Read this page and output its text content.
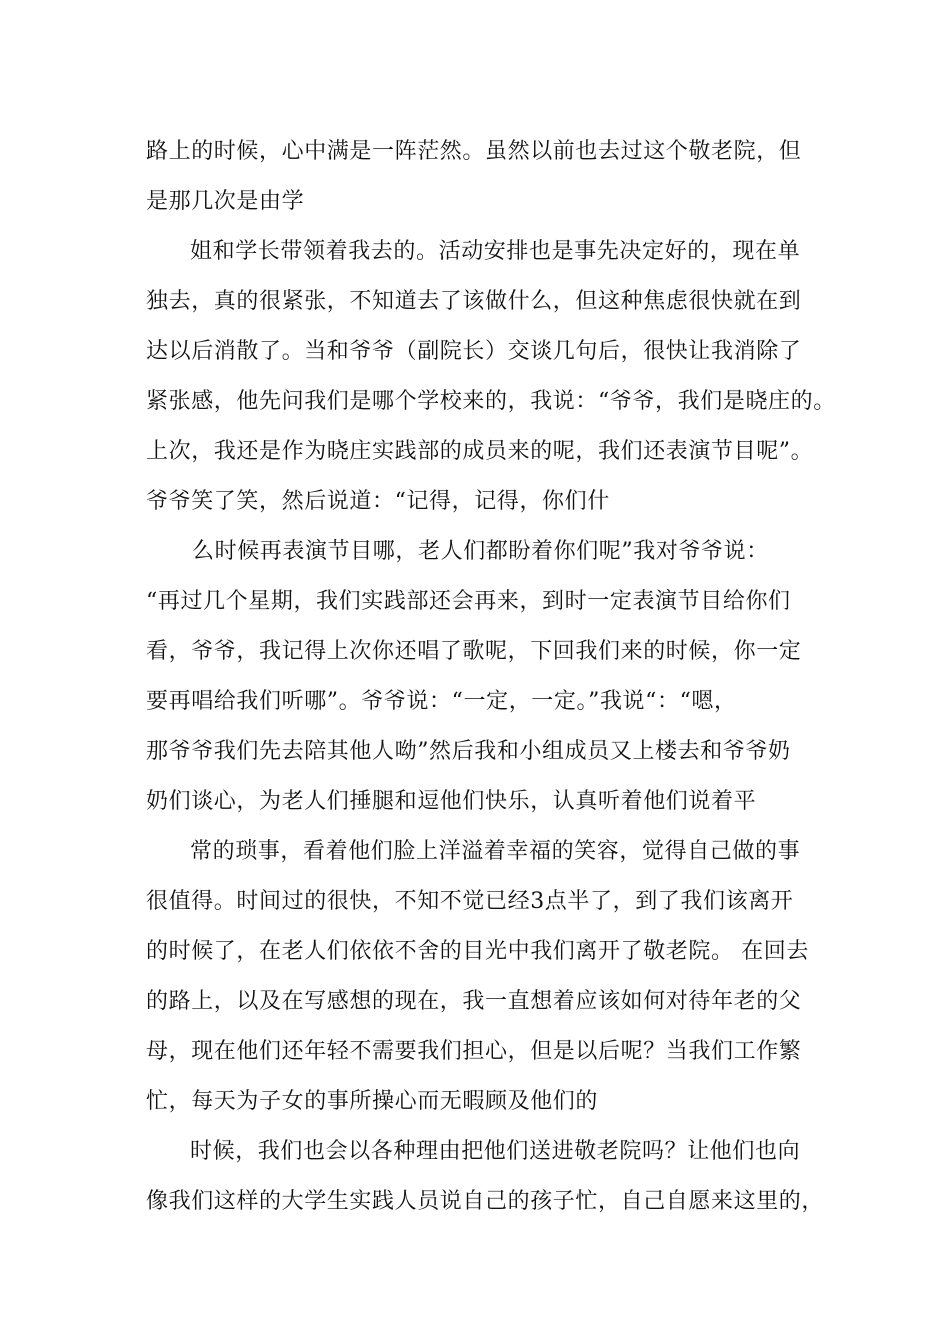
路上的时候，心中满是一阵茫然。虽然以前也去过这个敬老院，但
是那几次是由学
姐和学长带领着我去的。活动安排也是事先决定好的，现在单
独去，真的很紧张，不知道去了该做什么，但这种焦虑很快就在到
达以后消散了。当和爷爷（副院长）交谈几句后，很快让我消除了
紧张感，他先问我们是哪个学校来的，我说：“爷爷，我们是晓庄的。
上次，我还是作为晓庄实践部的成员来的呢，我们还表演节目呢”。
爷爷笑了笑，然后说道：“记得，记得，你们什
么时候再表演节目哪，老人们都盼着你们呢”我对爷爷说：
“再过几个星期，我们实践部还会再来，到时一定表演节目给你们
看，爷爷，我记得上次你还唱了歌呢，下回我们来的时候，你一定
要再唱给我们听哪”。爷爷说：“一定，一定。”我说“：“嗯，
那爷爷我们先去陪其他人呦”然后我和小组成员又上楼去和爷爷奶
奶们谈心，为老人们捶腿和逗他们快乐，认真听着他们说着平
常的琐事，看着他们脸上洋溢着幸福的笑容，觉得自己做的事
很值得。时间过的很快，不知不觉已经3点半了，到了我们该离开
的时候了，在老人们依依不舍的目光中我们离开了敬老院。 在回去
的路上，以及在写感想的现在，我一直想着应该如何对待年老的父
母，现在他们还年轻不需要我们担心，但是以后呢？当我们工作繁
忙，每天为子女的事所操心而无暇顾及他们的
时候，我们也会以各种理由把他们送进敬老院吗？让他们也向
像我们这样的大学生实践人员说自己的孩子忙，自己自愿来这里的，
